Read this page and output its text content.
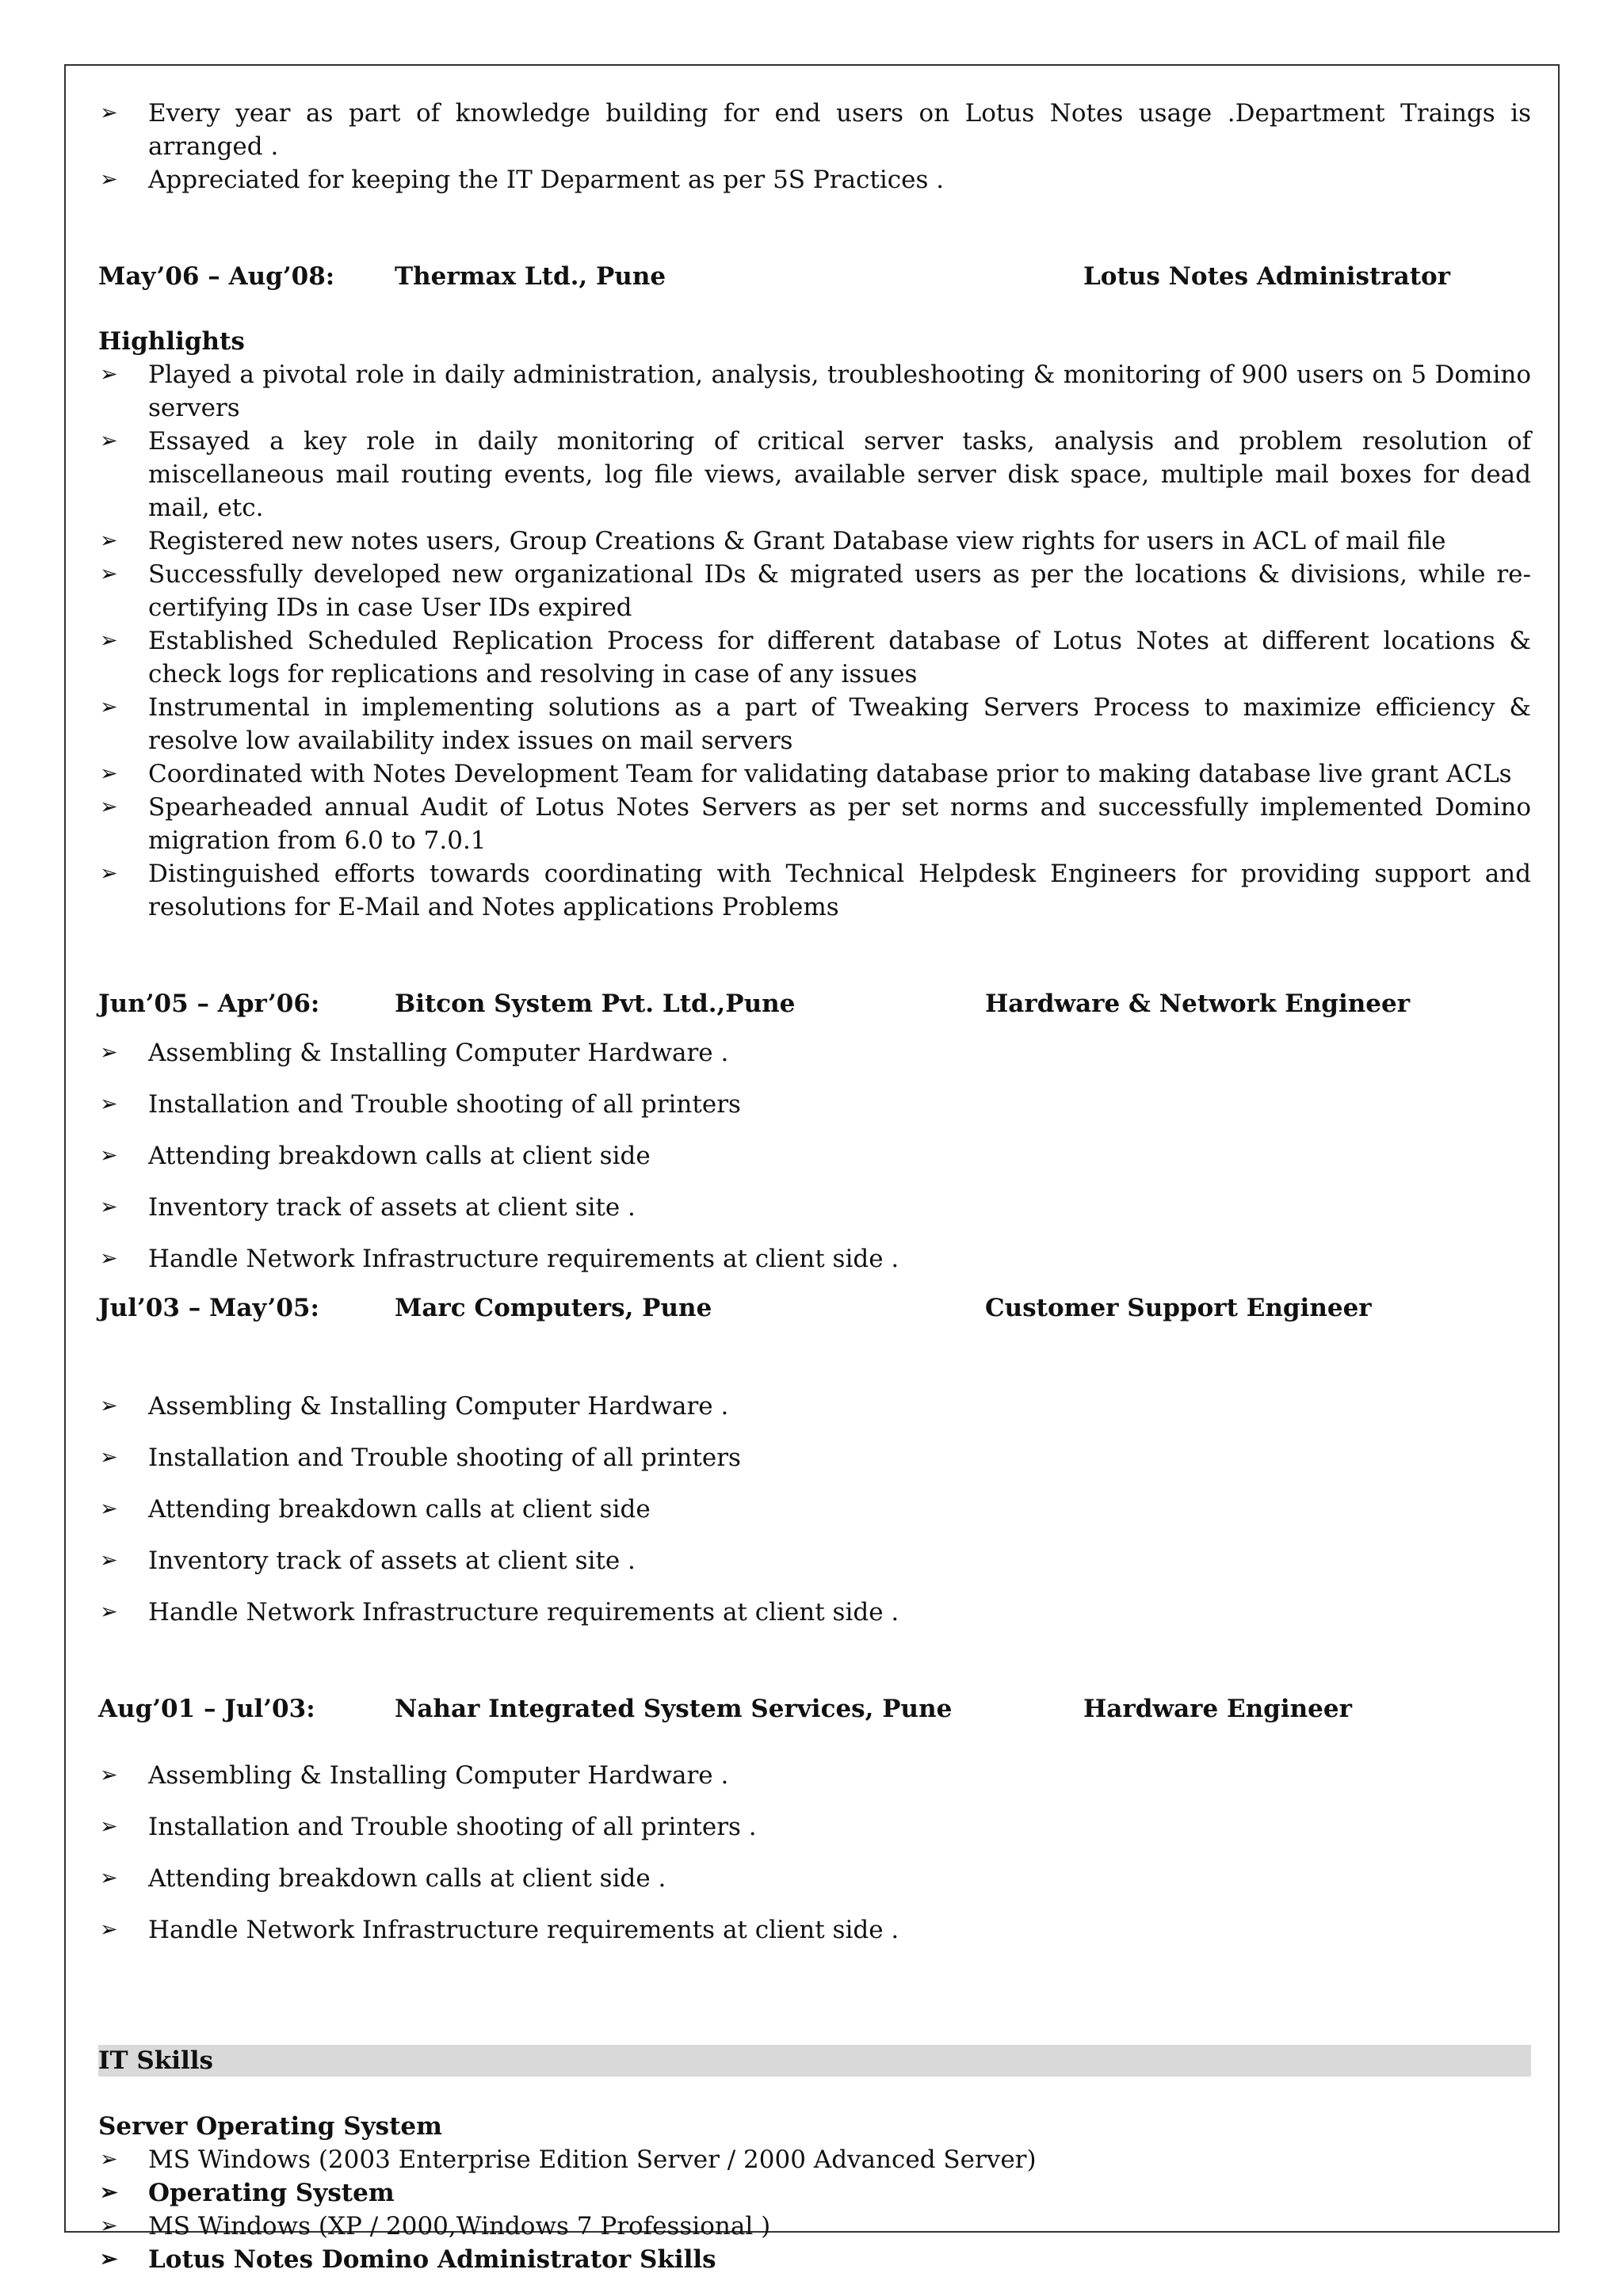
➢ Every year as part of knowledge building for end users on Lotus Notes usage .Department Traings is arranged .
➢ Appreciated for keeping the IT Deparment as per 5S Practices .
May’06 – Aug’08: Thermax Ltd., Pune	Lotus Notes Administrator
Highlights
➢ Played a pivotal role in daily administration, analysis, troubleshooting & monitoring of 900 users on 5 Domino servers
➢ Essayed a key role in daily monitoring of critical server tasks, analysis and problem resolution of miscellaneous mail routing events, log file views, available server disk space, multiple mail boxes for dead mail, etc.
➢ Registered new notes users, Group Creations & Grant Database view rights for users in ACL of mail file
➢ Successfully developed new organizational IDs & migrated users as per the locations & divisions, while re-certifying IDs in case User IDs expired
➢ Established Scheduled Replication Process for different database of Lotus Notes at different locations & check logs for replications and resolving in case of any issues
➢ Instrumental in implementing solutions as a part of Tweaking Servers Process to maximize efficiency & resolve low availability index issues on mail servers
➢ Coordinated with Notes Development Team for validating database prior to making database live grant ACLs
➢ Spearheaded annual Audit of Lotus Notes Servers as per set norms and successfully implemented Domino migration from 6.0 to 7.0.1
➢ Distinguished efforts towards coordinating with Technical Helpdesk Engineers for providing support and resolutions for E-Mail and Notes applications Problems
Jun’05 – Apr’06:	Bitcon System Pvt. Ltd.,Pune	Hardware & Network Engineer
➢ Assembling & Installing Computer Hardware .
➢ Installation and Trouble shooting of all printers
➢ Attending breakdown calls at client side
➢ Inventory track of assets at client site .
➢ Handle Network Infrastructure requirements at client side .
Jul’03 – May’05:	Marc Computers, Pune	Customer Support Engineer
➢ Assembling & Installing Computer Hardware .
➢ Installation and Trouble shooting of all printers
➢ Attending breakdown calls at client side
➢ Inventory track of assets at client site .
➢ Handle Network Infrastructure requirements at client side .
Aug’01 – Jul’03:	Nahar Integrated System Services, Pune	Hardware Engineer
➢ Assembling & Installing Computer Hardware .
➢ Installation and Trouble shooting of all printers .
➢ Attending breakdown calls at client side .
➢ Handle Network Infrastructure requirements at client side .
IT Skills
Server Operating System
➢ MS Windows (2003 Enterprise Edition Server / 2000 Advanced Server)
➢ Operating System
➢ MS Windows (XP / 2000,Windows 7 Professional )
➢ Lotus Notes Domino Administrator Skills
